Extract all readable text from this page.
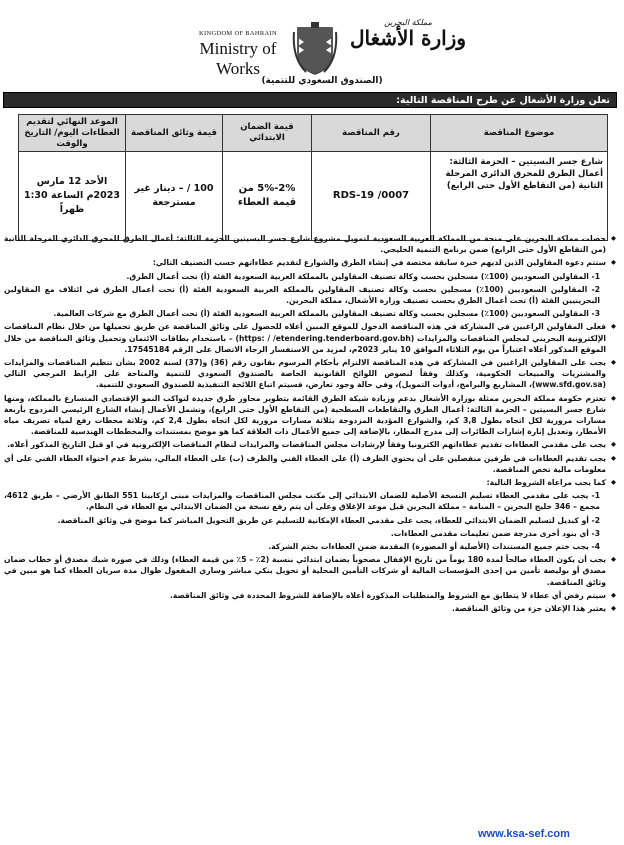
KINGDOM OF BAHRAIN
Ministry of Works
مملكة البحرين
وزارة الأشغال
(الصندوق السعودي للتنمية)
تعلن وزارة الأشغال عن طرح المناقصة التالية:
موضوع المناقصة	رقم المناقصة	قيمة الضمان الابتدائي	قيمة وثائق المناقصة	الموعد النهائي لتقديم العطاءات اليوم/ التاريخ والوقت
شارع جسر البسيتين – الحزمة الثالثة: أعمال الطرق للمحرق الدائري المرحلة الثانية (من التقاطع الأول حتى الرابع)	RDS-19 /0007	2%-5% من قيمة العطاء	100 / – دينار غير مسترجعة	الأحد 12 مارس 2023م الساعة 1:30 ظهراً

◆ حصلت مملكة البحرين على منحة من المملكة العربية السعودية لتمويل مشروع شارع جسر البسيتين الحزمة الثالثة: أعمال الطرق للمحرق الدائري المرحلة الثانية (من التقاطع الأول حتى الرابع) ضمن برنامج التنمية الخليجي.

◆ ستتم دعوة المقاولين الذين لديهم خبرة سابقة مختصة في إنشاء الطرق والشوارع لتقديم عطاءاتهم حسب التصنيف التالي:

1- المقاولين السعوديين (100٪) مسجلين بحسب وكالة تصنيف المقاولين بالمملكة العربية السعودية الفئة (أ) تحت أعمال الطرق.

2- المقاولين السعوديين (100٪) مسجلين بحسب وكالة تصنيف المقاولين بالمملكة العربية السعودية الفئة (أ) تحت أعمال الطرق في ائتلاف مع المقاولين البحرينيين الفئة (أ) تحت أعمال الطرق بحسب تصنيف وزارة الأشغال، مملكة البحرين.

3- المقاولين السعوديين (100٪) مسجلين بحسب وكالة تصنيف المقاولين بالمملكة العربية السعودية الفئة (أ) تحت أعمال الطرق مع شركات العالمية.

◆ فعلى المقاولين الراغبين في المشاركة في هذه المناقصة الدخول للموقع المبين أعلاه للحصول على وثائق المناقصة عن طريق تحميلها من خلال نظام المناقصات الإلكترونية البحريني لمجلس المناقصات والمزايدات (https: / /etendering.tenderboard.gov.bh) – باستخدام بطاقات الائتمان وتحميل وثائق المناقصة من خلال الموقع المذكور أعلاه اعتباراً من يوم الثلاثاء الموافق 10 يناير 2023م، لمزيد من الاستفسار الرجاء الاتصال على الرقم 17545184.

◆ يجب على المقاولين الراغبين في المشاركة في هذه المناقصة الالتزام بأحكام المرسوم بقانون رقم (36) و(37) لسنة 2002 بشأن تنظيم المناقصات والمزايدات والمشتريات والمبيعات الحكومية، وكذلك وفقاً لنصوص اللوائح القانونية الخاصة بالصندوق السعودي للتنمية والمتاحة على الرابط المرجعي التالي (www.sfd.gov.sa)، المشاريع والبرامج، أدوات التمويل)، وفي حالة وجود تعارض، فسيتم اتباع اللائحة التنفيذية للصندوق السعودي للتنمية.

◆ تعتزم حكومة مملكة البحرين ممثلة بوزارة الأشغال بدعم وزيادة شبكة الطرق القائمة بتطوير محاور طرق جديدة لتواكب النمو الإقتصادي المتسارع بالمملكة، ومنها شارع جسر البسيتين – الحزمة الثالثة: أعمال الطرق والتقاطعات السطحية (من التقاطع الأول حتى الرابع)، وتشمل الأعمال إنشاء الشارع الرئيسي المزدوج بأربعة مسارات مرورية لكل اتجاه بطول 3,8 كم، والشوارع المؤدية المزدوجة بثلاثة مسارات مرورية لكل اتجاه بطول 2,4 كم، وثلاثة محطات رفع لمياه تصريف مياه الأمطار، وتعديل إنارة إشارات الطائرات إلى مدرج المطار، بالإضافة إلى جميع الأعمال ذات العلاقة كما هو موضح بمستندات والمخططات الهندسية للمناقصة.

◆ يجب على مقدمي العطاءات تقديم عطاءاتهم الكترونيا وفقاً لإرشادات مجلس المناقصات والمزايدات لنظام المناقصات الإلكترونية في او قبل التاريخ المذكور أعلاه.

◆ يجب تقديم العطاءات في ظرفين منفصلين على أن يحتوي الظرف (أ) على العطاء الفني والظرف (ب) على العطاء المالي، بشرط عدم احتواء العطاء الفني على أي معلومات مالية تخص المناقصة.

◆ كما يجب مراعاة الشروط التالية:

1- يجب على مقدمي العطاء تسليم النسخة الأصلية للضمان الابتدائي إلى مكتب مجلس المناقصات والمزايدات مبنى اركابيتا 551 الطابق الأرضي – طريق 4612، مجمع – 346 خليج البحرين – المنامة – مملكة البحرين قبل موعد الإغلاق وعلى أن يتم رفع نسخة من الضمان الابتدائي مع العطاء في النظام.

2- أو كبديل لتسليم الضمان الابتدائي للعطاء، يجب على مقدمي العطاء الإمكانية للتسليم عن طريق التحويل المباشر كما موضح في وثائق المناقصة.

3- أي بنود أخرى مدرجة ضمن تعليمات مقدمي العطاءات.

4- يجب ختم جميع المستندات (الأصلية أو المصورة) المقدمة ضمن العطاءات بختم الشركة.

◆ يجب أن يكون العطاء صالحاً لمدة 180 يوماً من تاريخ الإقفال مصحوباً بضمان ابتدائي بنسبة (2٪ – 5٪ من قيمة العطاء) وذلك في صورة شيك مصدق أو خطاب ضمان مصدق أو بوليصة تأمين من إحدى المؤسسات المالية أو شركات التأمين المحلية أو تحويل بنكي مباشر وساري المفعول طوال مدة سريان العطاء كما هو مبين في وثائق المناقصة.

◆ سيتم رفض أي عطاء لا يتطابق مع الشروط والمتطلبات المذكورة أعلاه بالإضافة للشروط المحددة في وثائق المناقصة.

◆ يعتبر هذا الإعلان جزء من وثائق المناقصة.

www.ksa-sef.com
